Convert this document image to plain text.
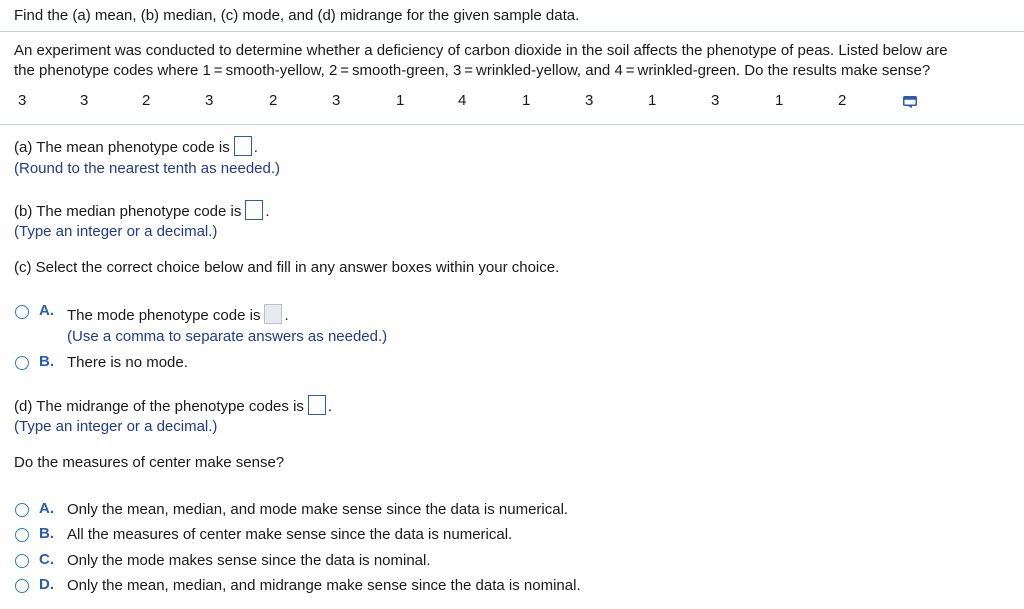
Find the (a) mean, (b) median, (c) mode, and (d) midrange for the given sample data.
An experiment was conducted to determine whether a deficiency of carbon dioxide in the soil affects the phenotype of peas. Listed below are
the phenotype codes where 1 = smooth-yellow, 2 = smooth-green, 3 = wrinkled-yellow, and 4 = wrinkled-green. Do the results make sense?
3	3	2	3	2	3	1	4	1	3	1	3	1	2
(a) The mean phenotype code is .
(Round to the nearest tenth as needed.)
(b) The median phenotype code is .
(Type an integer or a decimal.)
(c) Select the correct choice below and fill in any answer boxes within your choice.
A. The mode phenotype code is .
(Use a comma to separate answers as needed.)
B. There is no mode.
(d) The midrange of the phenotype codes is .
(Type an integer or a decimal.)
Do the measures of center make sense?
A. Only the mean, median, and mode make sense since the data is numerical.
B. All the measures of center make sense since the data is numerical.
C. Only the mode makes sense since the data is nominal.
D. Only the mean, median, and midrange make sense since the data is nominal.
